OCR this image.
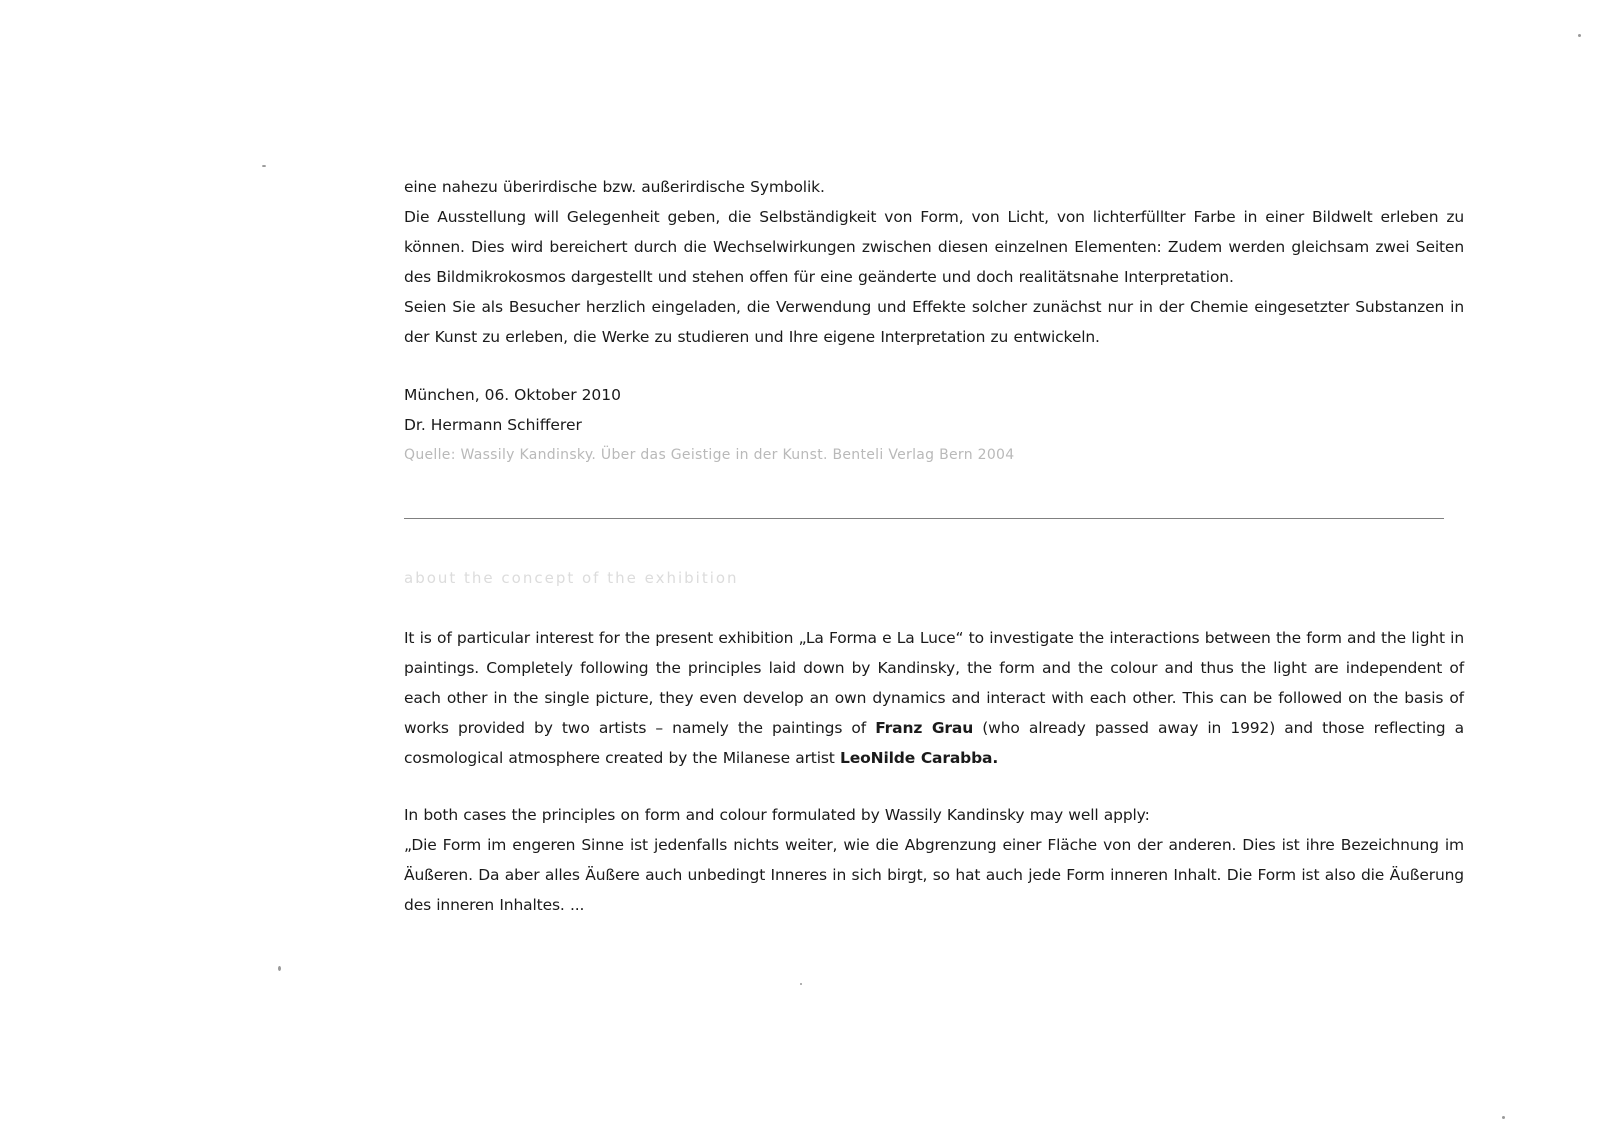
eine nahezu überirdische bzw. außerirdische Symbolik.

Die Ausstellung will Gelegenheit geben, die Selbständigkeit von Form, von Licht, von lichterfüllter Farbe in einer Bildwelt erleben zu können. Dies wird bereichert durch die Wechselwirkungen zwischen diesen einzelnen Elementen: Zudem werden gleichsam zwei Seiten des Bildmikrokosmos dargestellt und stehen offen für eine geänderte und doch realitätsnahe Interpretation.

Seien Sie als Besucher herzlich eingeladen, die Verwendung und Effekte solcher zunächst nur in der Chemie eingesetzter Substanzen in der Kunst zu erleben, die Werke zu studieren und Ihre eigene Interpretation zu entwickeln.

München, 06. Oktober 2010

Dr. Hermann Schifferer

Quelle: Wassily Kandinsky. Über das Geistige in der Kunst. Benteli Verlag Bern 2004

about the concept of the exhibition

It is of particular interest for the present exhibition „La Forma e La Luce“ to investigate the interactions between the form and the light in paintings. Completely following the principles laid down by Kandinsky, the form and the colour and thus the light are independent of each other in the single picture, they even develop an own dynamics and interact with each other. This can be followed on the basis of works provided by two artists – namely the paintings of Franz Grau (who already passed away in 1992) and those reflecting a cosmological atmosphere created by the Milanese artist LeoNilde Carabba.

In both cases the principles on form and colour formulated by Wassily Kandinsky may well apply:

„Die Form im engeren Sinne ist jedenfalls nichts weiter, wie die Abgrenzung einer Fläche von der anderen. Dies ist ihre Bezeichnung im Äußeren. Da aber alles Äußere auch unbedingt Inneres in sich birgt, so hat auch jede Form inneren Inhalt. Die Form ist also die Äußerung des inneren Inhaltes. ...
